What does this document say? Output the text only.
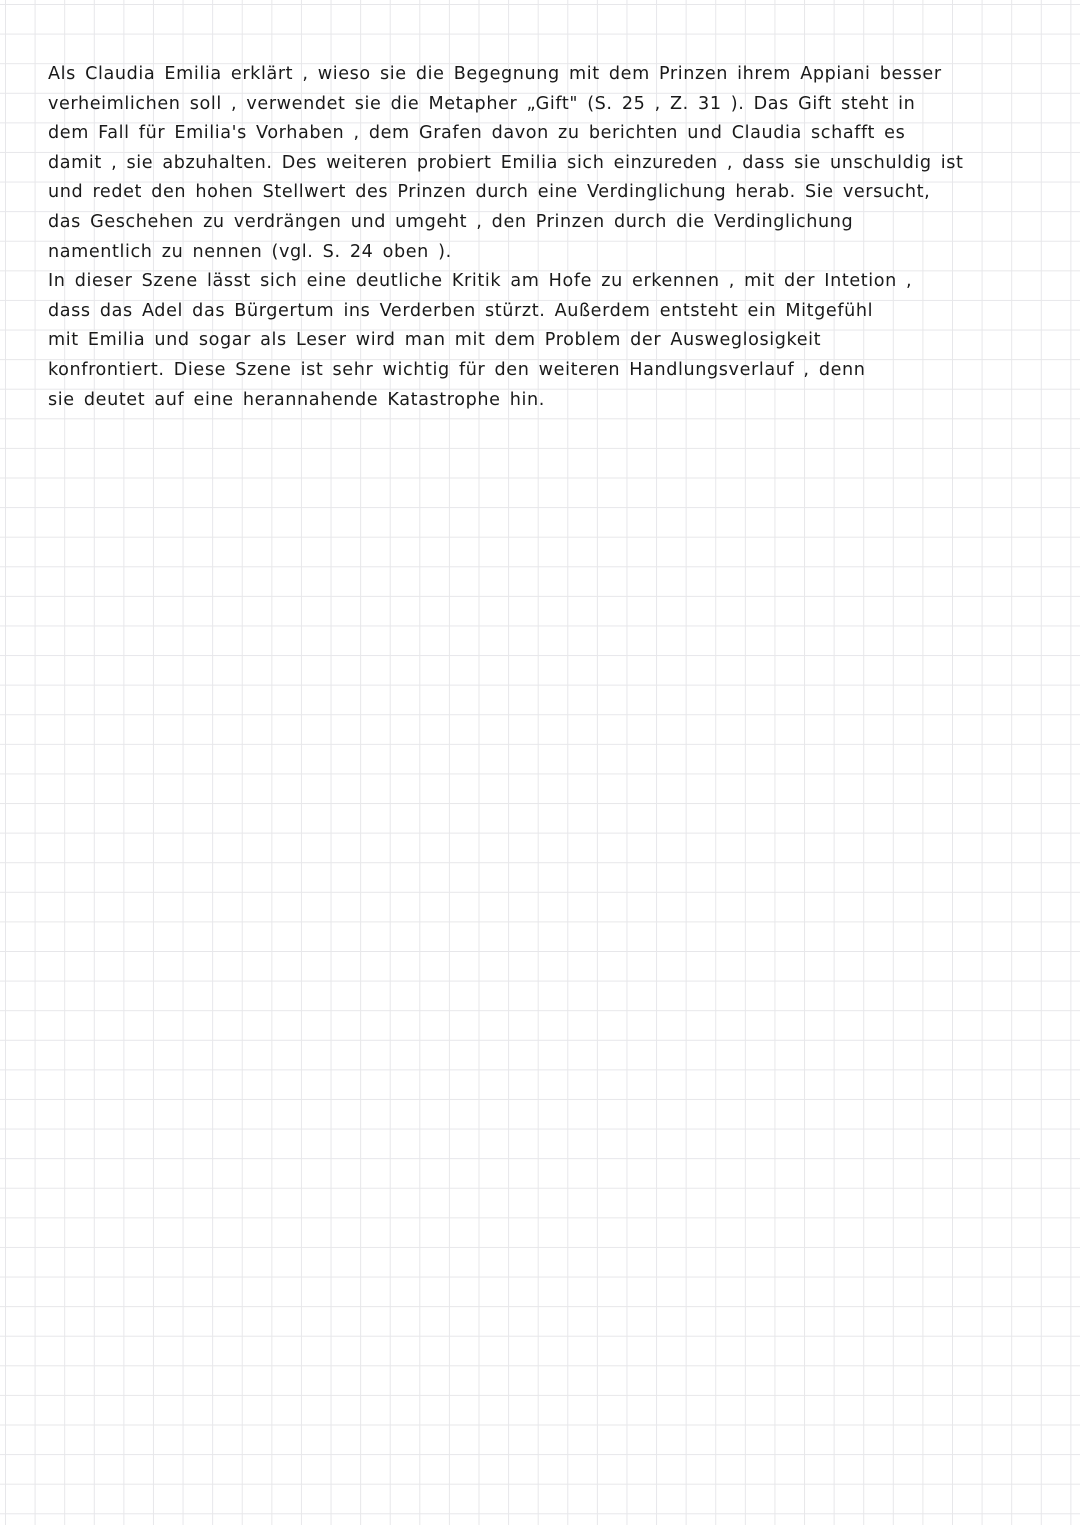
Als Claudia Emilia erklärt , wieso sie die Begegnung mit dem Prinzen ihrem Appiani besser
verheimlichen soll , verwendet sie die Metapher „Gift" (S. 25 , Z. 31 ). Das Gift steht in
dem Fall für Emilia's Vorhaben , dem Grafen davon zu berichten und Claudia schafft es
damit , sie abzuhalten. Des weiteren probiert Emilia sich einzureden , dass sie unschuldig ist
und redet den hohen Stellwert des Prinzen durch eine Verdinglichung herab. Sie versucht,
das Geschehen zu verdrängen und umgeht , den Prinzen durch die Verdinglichung
namentlich zu nennen (vgl. S. 24 oben ).
In dieser Szene lässt sich eine deutliche Kritik am Hofe zu erkennen , mit der Intetion ,
dass das Adel das Bürgertum ins Verderben stürzt. Außerdem entsteht ein Mitgefühl
mit Emilia und sogar als Leser wird man mit dem Problem der Ausweglosigkeit
konfrontiert. Diese Szene ist sehr wichtig für den weiteren Handlungsverlauf , denn
sie deutet auf eine herannahende Katastrophe hin.
